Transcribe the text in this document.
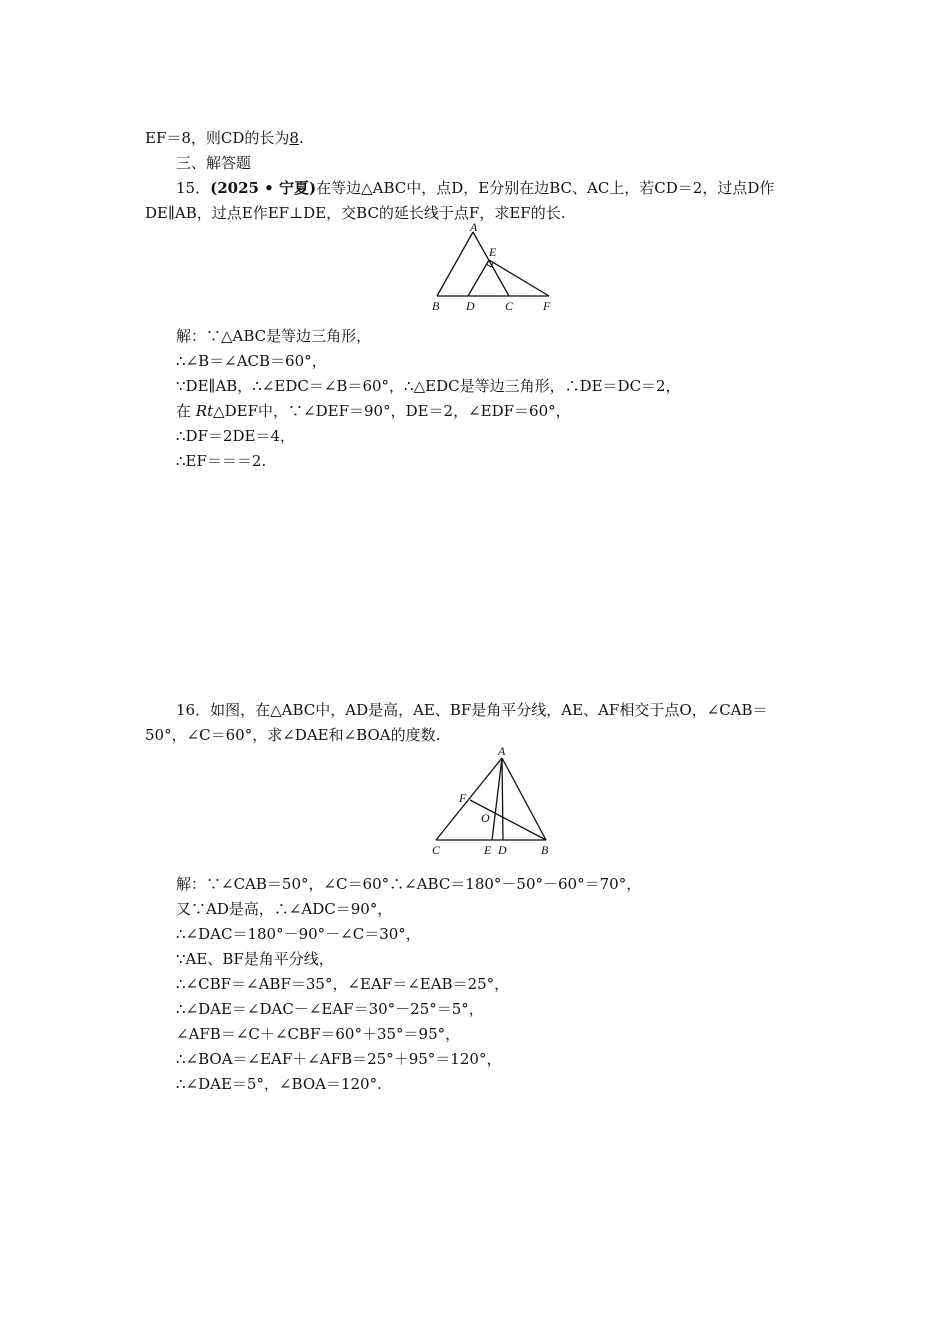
EF＝8，则CD的长为8.
三、解答题
15．(2025 • 宁夏)在等边△ABC中，点D，E分别在边BC、AC上，若CD＝2，过点D作
DE∥AB，过点E作EF⊥DE，交BC的延长线于点F，求EF的长.
A
E
B D	C F
解：∵△ABC是等边三角形，
∴∠B＝∠ACB＝60°，
∵DE∥AB，∴∠EDC＝∠B＝60°，∴△EDC是等边三角形，∴DE＝DC＝2，
在 Rt△DEF中，∵∠DEF＝90°，DE＝2，∠EDF＝60°，
∴DF＝2DE＝4，
∴EF＝＝＝2.
16．如图，在△ABC中，AD是高，AE、BF是角平分线，AE、AF相交于点O，∠CAB＝
50°，∠C＝60°，求∠DAE和∠BOA的度数.
A
F
O
C	E D	B
解：∵∠CAB＝50°，∠C＝60°∴∠ABC＝180°－50°－60°＝70°，
又∵AD是高，∴∠ADC＝90°，
∴∠DAC＝180°－90°－∠C＝30°，
∵AE、BF是角平分线，
∴∠CBF＝∠ABF＝35°，∠EAF＝∠EAB＝25°，
∴∠DAE＝∠DAC－∠EAF＝30°－25°＝5°，
∠AFB＝∠C＋∠CBF＝60°＋35°＝95°，
∴∠BOA＝∠EAF＋∠AFB＝25°＋95°＝120°，
∴∠DAE＝5°，∠BOA＝120°.
